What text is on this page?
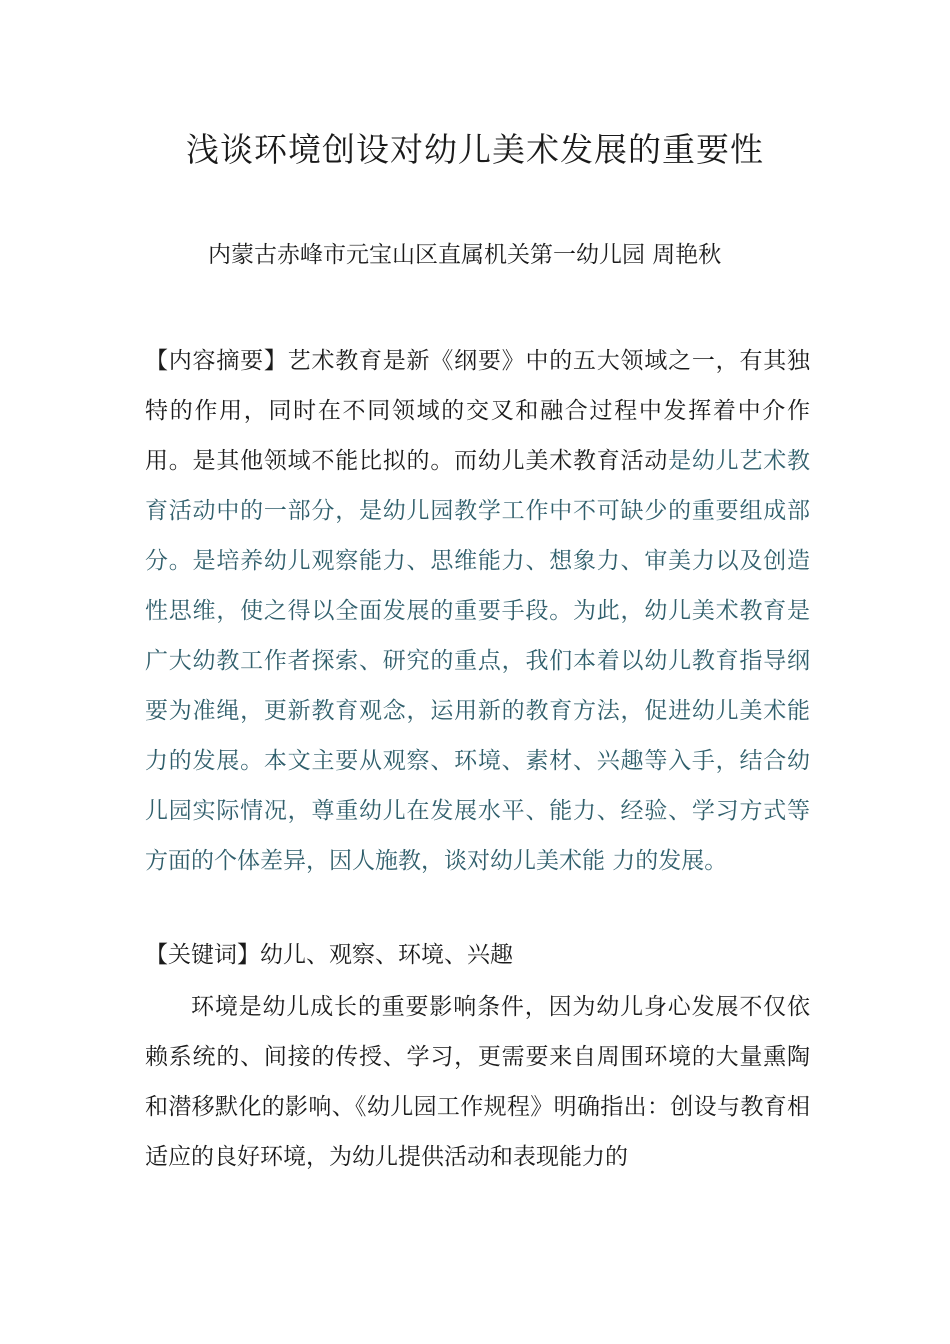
浅谈环境创设对幼儿美术发展的重要性
内蒙古赤峰市元宝山区直属机关第一幼儿园 周艳秋
【内容摘要】艺术教育是新《纲要》中的五大领域之一，有其独特的作用，同时在不同领域的交叉和融合过程中发挥着中介作用。是其他领域不能比拟的。而幼儿美术教育活动是幼儿艺术教育活动中的一部分，是幼儿园教学工作中不可缺少的重要组成部分。是培养幼儿观察能力、思维能力、想象力、审美力以及创造性思维，使之得以全面发展的重要手段。为此，幼儿美术教育是广大幼教工作者探索、研究的重点，我们本着以幼儿教育指导纲要为准绳，更新教育观念，运用新的教育方法，促进幼儿美术能力的发展。本文主要从观察、环境、素材、兴趣等入手，结合幼儿园实际情况，尊重幼儿在发展水平、能力、经验、学习方式等方面的个体差异，因人施教，谈对幼儿美术能 力的发展。
【关键词】幼儿、观察、环境、兴趣
环境是幼儿成长的重要影响条件，因为幼儿身心发展不仅依赖系统的、间接的传授、学习，更需要来自周围环境的大量熏陶和潜移默化的影响、《幼儿园工作规程》明确指出：创设与教育相适应的良好环境，为幼儿提供活动和表现能力的
